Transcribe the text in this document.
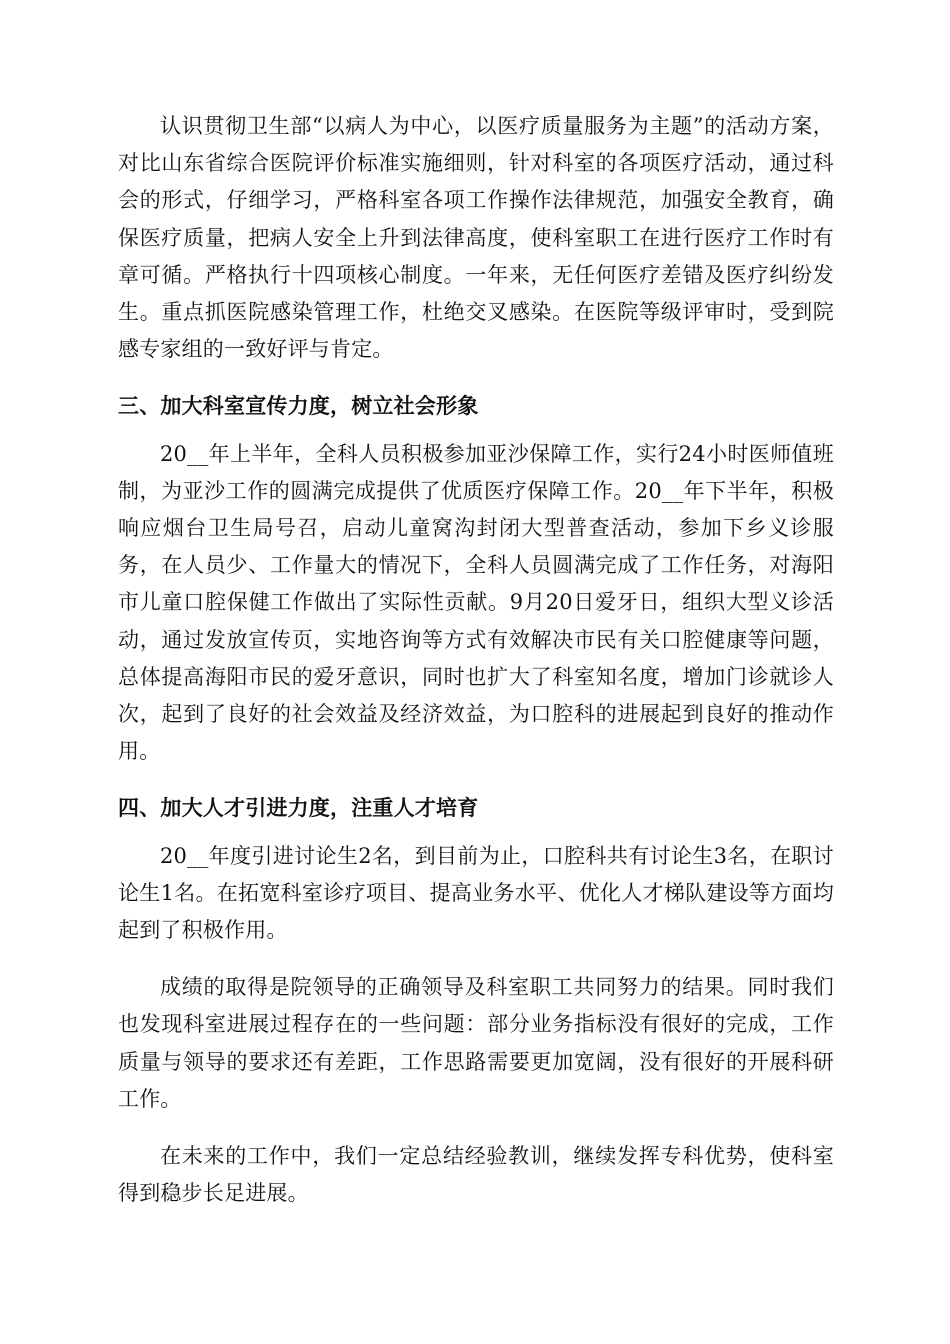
认识贯彻卫生部“以病人为中心，以医疗质量服务为主题”的活动方案，对比山东省综合医院评价标准实施细则，针对科室的各项医疗活动，通过科会的形式，仔细学习，严格科室各项工作操作法律规范，加强安全教育，确保医疗质量，把病人安全上升到法律高度，使科室职工在进行医疗工作时有章可循。严格执行十四项核心制度。一年来，无任何医疗差错及医疗纠纷发生。重点抓医院感染管理工作，杜绝交叉感染。在医院等级评审时，受到院感专家组的一致好评与肯定。

三、加大科室宣传力度，树立社会形象

20__年上半年，全科人员积极参加亚沙保障工作，实行24小时医师值班制，为亚沙工作的圆满完成提供了优质医疗保障工作。20__年下半年，积极响应烟台卫生局号召，启动儿童窝沟封闭大型普查活动，参加下乡义诊服务，在人员少、工作量大的情况下，全科人员圆满完成了工作任务，对海阳市儿童口腔保健工作做出了实际性贡献。9月20日爱牙日，组织大型义诊活动，通过发放宣传页，实地咨询等方式有效解决市民有关口腔健康等问题，总体提高海阳市民的爱牙意识，同时也扩大了科室知名度，增加门诊就诊人次，起到了良好的社会效益及经济效益，为口腔科的进展起到良好的推动作用。

四、加大人才引进力度，注重人才培育

20__年度引进讨论生2名，到目前为止，口腔科共有讨论生3名，在职讨论生1名。在拓宽科室诊疗项目、提高业务水平、优化人才梯队建设等方面均起到了积极作用。

成绩的取得是院领导的正确领导及科室职工共同努力的结果。同时我们也发现科室进展过程存在的一些问题：部分业务指标没有很好的完成，工作质量与领导的要求还有差距，工作思路需要更加宽阔，没有很好的开展科研工作。

在未来的工作中，我们一定总结经验教训，继续发挥专科优势，使科室得到稳步长足进展。
